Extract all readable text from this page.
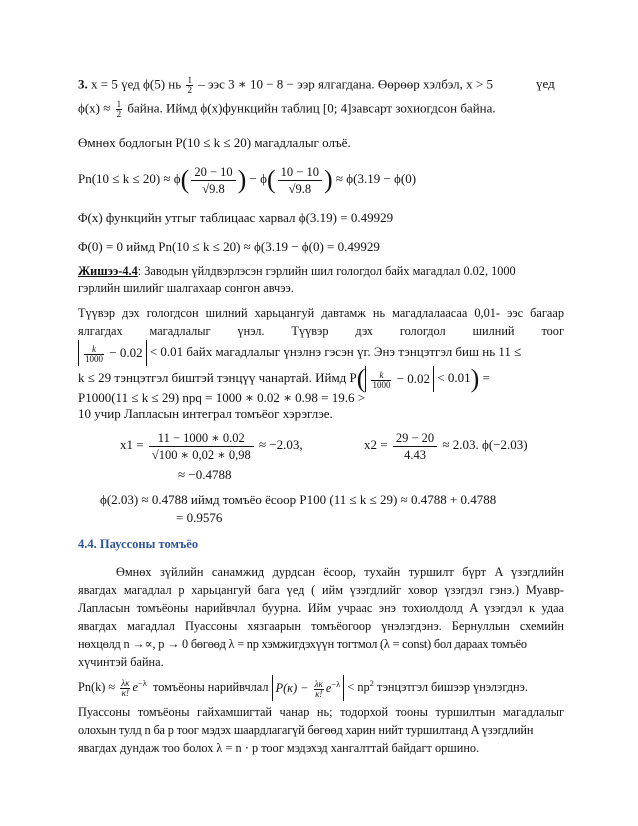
3. x = 5 үед ϕ(5) нь $\frac{1}{2}$ – ээс 3 ∗ 10 − 8 − ээр ялгагдана. Өөрөөр хэлбэл, x > 5	үед
$\phi(x) \approx \frac{1}{2}$ байна. Иймд ϕ(x)функцийн таблиц [0; 4]завсарт зохиогдсон байна.
Өмнөх бодлогын P(10 ≤ k ≤ 20) магадлалыг олъё.
$Pn(10 \le k \le 20) \approx \phi( \frac{20 - 10}{√9.8}$ ) − $\phi( \frac{10 - 10}{√9.8}$ ) ≈ ϕ(3.19 − ϕ(0)
Φ(x) функцийн утгыг таблицаас харвал ϕ(3.19) = 0.49929
Φ(0) = 0 иймд Pn(10 ≤ k ≤ 20) ≈ ϕ(3.19 − ϕ(0) = 0.49929
Жишээ-4.4: Заводын үйлдвэрлэсэн гэрлийн шил гологдол байх магадлал 0.02, 1000
гэрлийн шилийг шалгахаар сонгон авчээ.
Түүвэр дэх гологдсон шилний харьцангуй давтамж нь магадлалаасаа 0,01- ээс багаар
ялгагдах магадлалыг үнэл. Түүвэр дэх гологдол шилний тоог
$\frac{k}{1000} - 0.02 < 0.01$ байх магадлалыг үнэлнэ гэсэн үг. Энэ тэнцэтгэл биш нь 11 ≤
k ≤ 29 тэнцэтгэл биштэй тэнцүү чанартай. Иймд $P( \frac{k}{1000} - 0.02 < 0.01)$ =
P1000(11 ≤ k ≤ 29) npq = 1000 ∗ 0.02 ∗ 0.98 = 19.6 >
10 учир Лапласын интеграл томъёог хэрэглэе.
$x1 = \frac{11 - 1000 ∗ 0.02}{√100 ∗ 0,02 ∗ 0,98} \approx -2.03$,
≈ −0.4788
$x2 = \frac{29 - 20}{4.43} \approx 2.03$. ϕ(−2.03)
ϕ(2.03) ≈ 0.4788 иймд томъёо ёсоор P100 (11 ≤ k ≤ 29) ≈ 0.4788 + 0.4788
= 0.9576
4.4. Пауссоны томъёо
Өмнөх зүйлийн санамжид дурдсан ёсоор, тухайн туршилт бүрт A үзэгдлийн
явагдах магадлал p харьцангуй бага үед ( ийм үзэгдлийг ховор үзэгдэл гэнэ.) Муавр-
Лапласын томъёоны нарийвчлал буурна. Ийм учраас энэ тохиолдолд A үзэгдэл к удаа
явагдах магадлал Пуассоны хязгаарын томъёогоор үнэлэгдэнэ. Бернуллын схемийн
нөхцөлд n →∝, p → 0 бөгөөд λ = np хэмжигдэхүүн тогтмол (λ = const) бол дараах томъёо
хүчинтэй байна.
$Pn(k) \approx \frac{\lambda\kappa}{\kappa!} e^{-\lambda}$ томъёоны нарийвчлал $P(\kappa) - \frac{\lambda\kappa}{\kappa!} e^{-\lambda} < np^2$ тэнцэтгэл бишээр үнэлэгднэ.
Пуассоны томъёоны гайхамшигтай чанар нь; тодорхой тооны туршилтын магадлалыг
олохын тулд n ба p тоог мэдэх шаардлагагүй бөгөөд харин нийт туршилтанд A үзэгдлийн
явагдах дундаж тоо болох λ = n ⋅ p тоог мэдэхэд хангалттай байдагт оршино.
